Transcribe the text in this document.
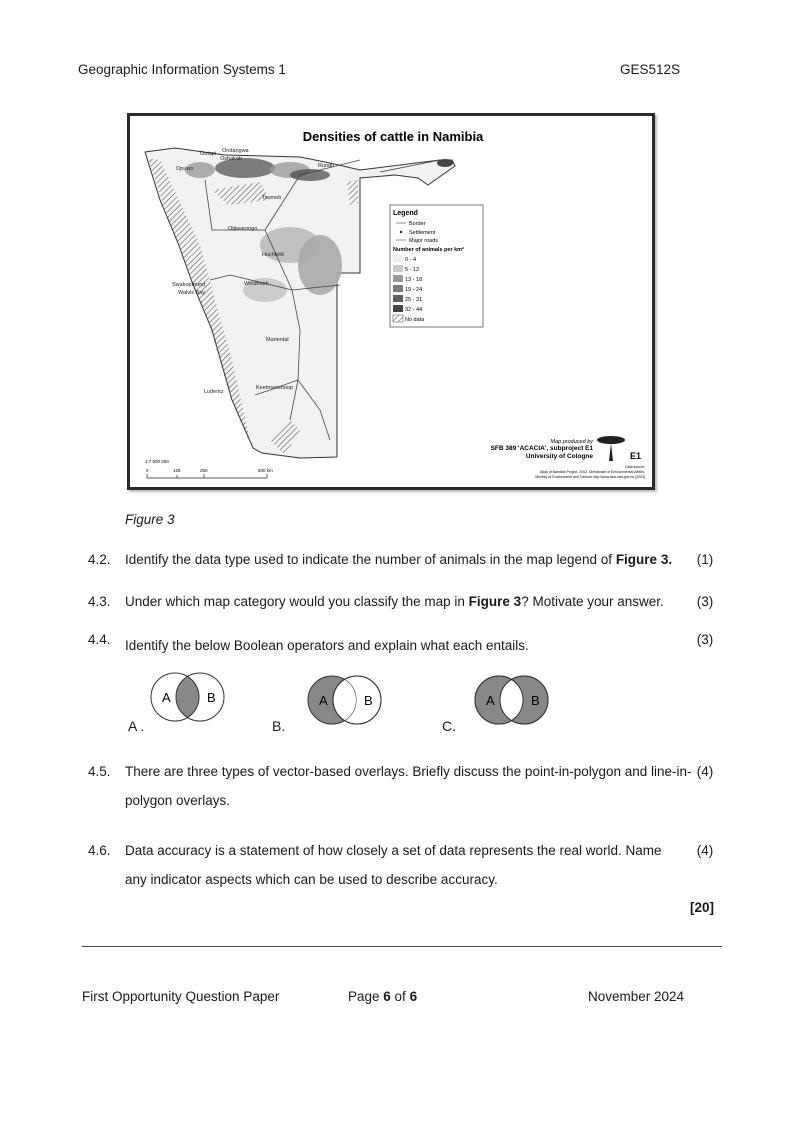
Geographic Information Systems 1	GES512S
Densities of cattle in Namibia
Outapi Ondangwa
Oshakati
Opuwo	Rundu
Tsumeb
Otjiwarongo
Hochfeld
Windhoek
Swakopmund
Walvis Bay
Mariental
Keetmanshoop
Luderitz
Legend
Border
Settlement
Major roads
Number of animals per km²
0 - 4
5 - 12
13 - 18
19 - 24
25 - 31
32 - 44
No data
1:7 500 000
0	125	250	500 km
Map produced by
SFB 389 'ACACIA', subproject E1
University of Cologne	E1
Data source:
Atlas of Namibia Project, 2002, Directorate of Environmental Affairs,
Ministry of Environment and Tourism http://www.dea.met.gov.na (2003)
Figure 3
4.2. Identify the data type used to indicate the number of animals in the map legend of Figure 3.	(1)
4.3. Under which map category would you classify the map in Figure 3? Motivate your answer.	(3)
4.4. Identify the below Boolean operators and explain what each entails.	(3)
A .	B.	C.
A	B	A	B	A	B
4.5. There are three types of vector-based overlays. Briefly discuss the point-in-polygon and line-in-polygon overlays.
(4)
4.6. Data accuracy is a statement of how closely a set of data represents the real world. Name any indicator aspects which can be used to describe accuracy.
(4)
[20]
First Opportunity Question Paper	Page 6 of 6	November 2024
